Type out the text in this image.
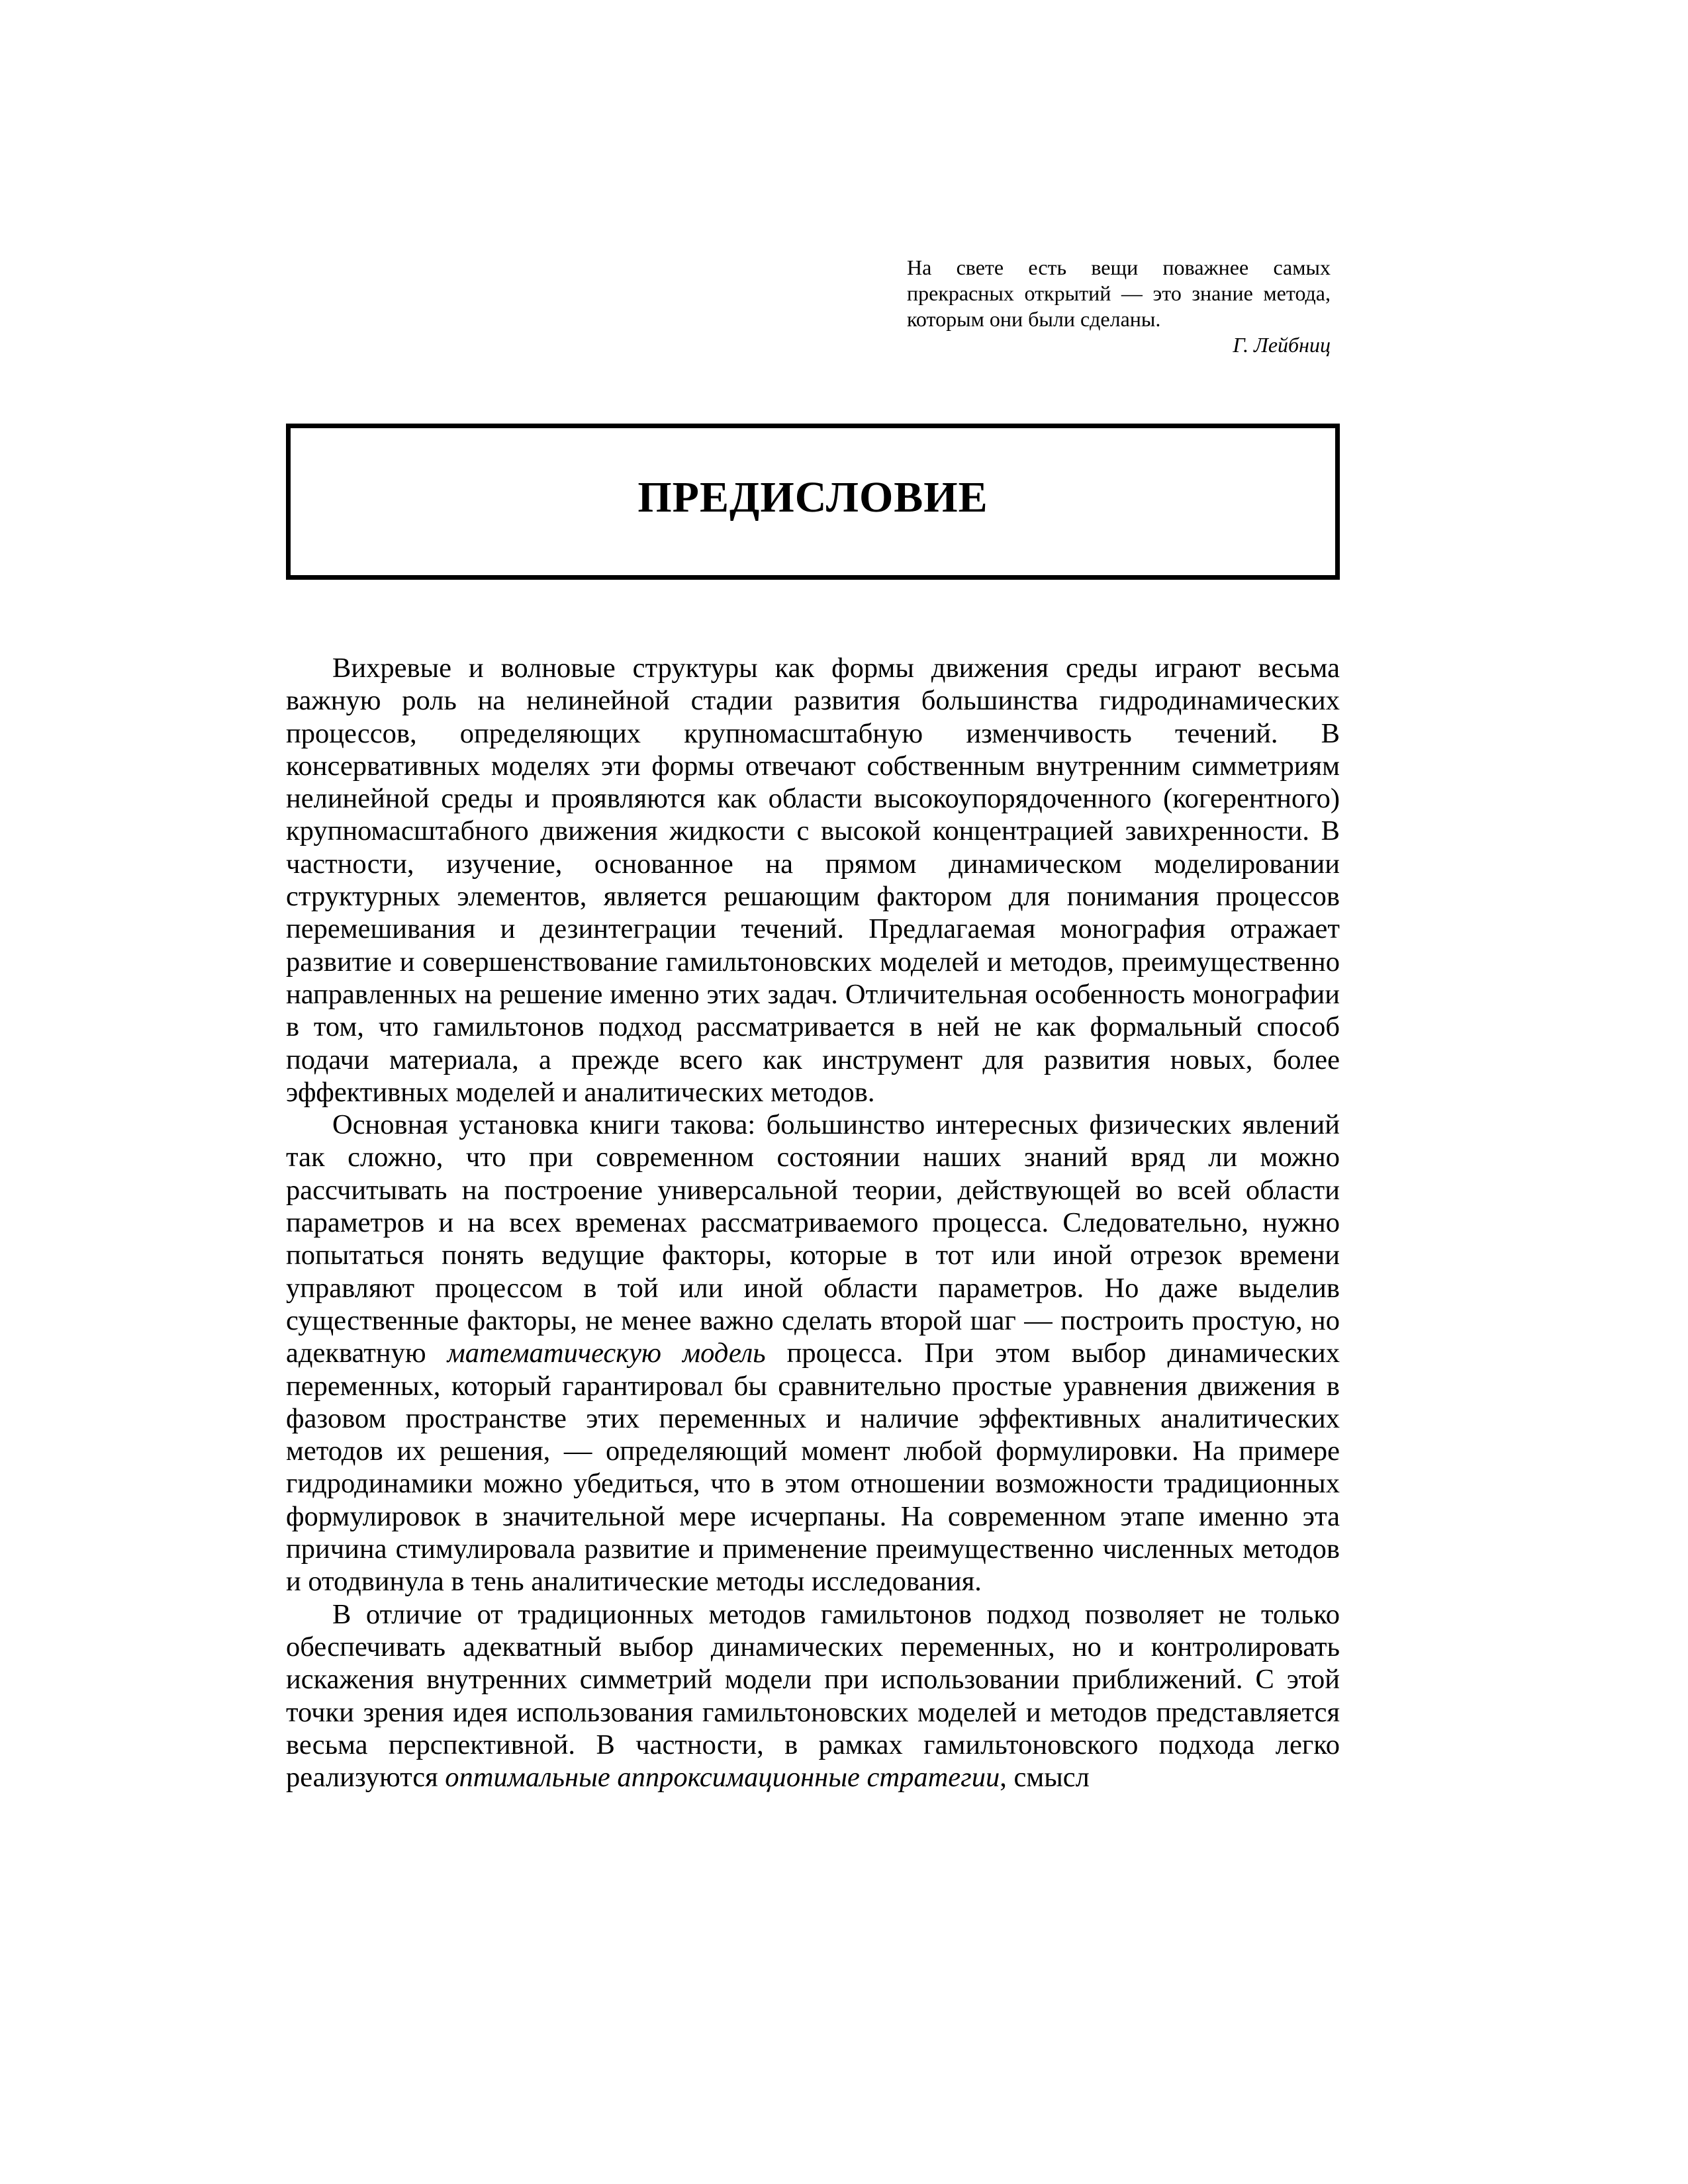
На свете есть вещи поважнее самых прекрасных открытий — это знание метода, которым они были сделаны.
Г. Лейбниц
ПРЕДИСЛОВИЕ

Вихревые и волновые структуры как формы движения среды играют весьма важную роль на нелинейной стадии развития большинства гидродинамических процессов, определяющих крупномасштабную изменчивость течений. В консервативных моделях эти формы отвечают собственным внутренним симметриям нелинейной среды и проявляются как области высокоупорядоченного (когерентного) крупномасштабного движения жидкости с высокой концентрацией завихренности. В частности, изучение, основанное на прямом динамическом моделировании структурных элементов, является решающим фактором для понимания процессов перемешивания и дезинтеграции течений. Предлагаемая монография отражает развитие и совершенствование гамильтоновских моделей и методов, преимущественно направленных на решение именно этих задач. Отличительная особенность монографии в том, что гамильтонов подход рассматривается в ней не как формальный способ подачи материала, а прежде всего как инструмент для развития новых, более эффективных моделей и аналитических методов.

Основная установка книги такова: большинство интересных физических явлений так сложно, что при современном состоянии наших знаний вряд ли можно рассчитывать на построение универсальной теории, действующей во всей области параметров и на всех временах рассматриваемого процесса. Следовательно, нужно попытаться понять ведущие факторы, которые в тот или иной отрезок времени управляют процессом в той или иной области параметров. Но даже выделив существенные факторы, не менее важно сделать второй шаг — построить простую, но адекватную математическую модель процесса. При этом выбор динамических переменных, который гарантировал бы сравнительно простые уравнения движения в фазовом пространстве этих переменных и наличие эффективных аналитических методов их решения, — определяющий момент любой формулировки. На примере гидродинамики можно убедиться, что в этом отношении возможности традиционных формулировок в значительной мере исчерпаны. На современном этапе именно эта причина стимулировала развитие и применение преимущественно численных методов и отодвинула в тень аналитические методы исследования.

В отличие от традиционных методов гамильтонов подход позволяет не только обеспечивать адекватный выбор динамических переменных, но и контролировать искажения внутренних симметрий модели при использовании приближений. С этой точки зрения идея использования гамильтоновских моделей и методов представляется весьма перспективной. В частности, в рамках гамильтоновского подхода легко реализуются оптимальные аппроксимационные стратегии, смысл
